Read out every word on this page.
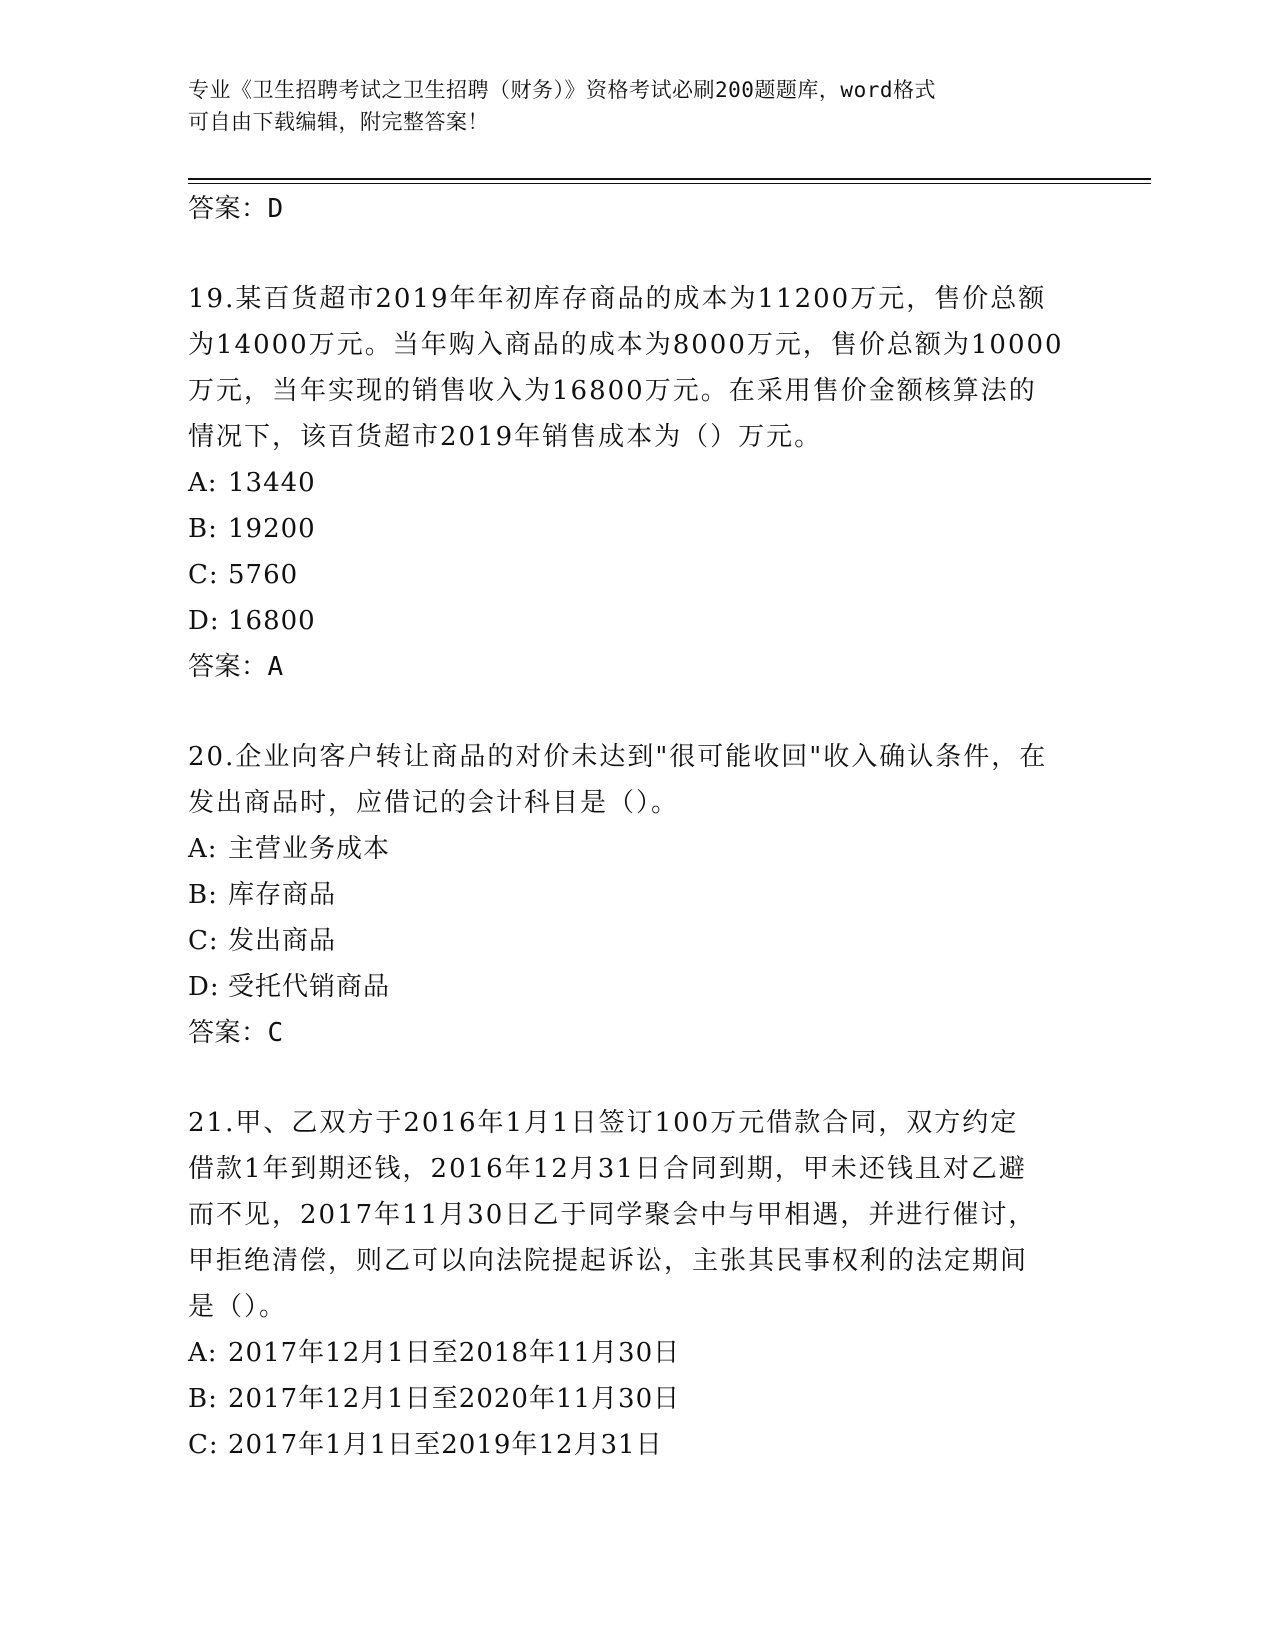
专业《卫生招聘考试之卫生招聘（财务）》资格考试必刷200题题库，word格式
可自由下载编辑，附完整答案！

答案：D

19.某百货超市2019年年初库存商品的成本为11200万元，售价总额

为14000万元。当年购入商品的成本为8000万元，售价总额为10000

万元，当年实现的销售收入为16800万元。在采用售价金额核算法的

情况下，该百货超市2019年销售成本为（）万元。

A: 13440

B: 19200

C: 5760

D: 16800

答案：A

20.企业向客户转让商品的对价未达到"很可能收回"收入确认条件，在

发出商品时，应借记的会计科目是（）。

A: 主营业务成本

B: 库存商品

C: 发出商品

D: 受托代销商品

答案：C

21.甲、乙双方于2016年1月1日签订100万元借款合同，双方约定

借款1年到期还钱，2016年12月31日合同到期，甲未还钱且对乙避

而不见，2017年11月30日乙于同学聚会中与甲相遇，并进行催讨，

甲拒绝清偿，则乙可以向法院提起诉讼，主张其民事权利的法定期间

是（）。

A: 2017年12月1日至2018年11月30日

B: 2017年12月1日至2020年11月30日

C: 2017年1月1日至2019年12月31日
